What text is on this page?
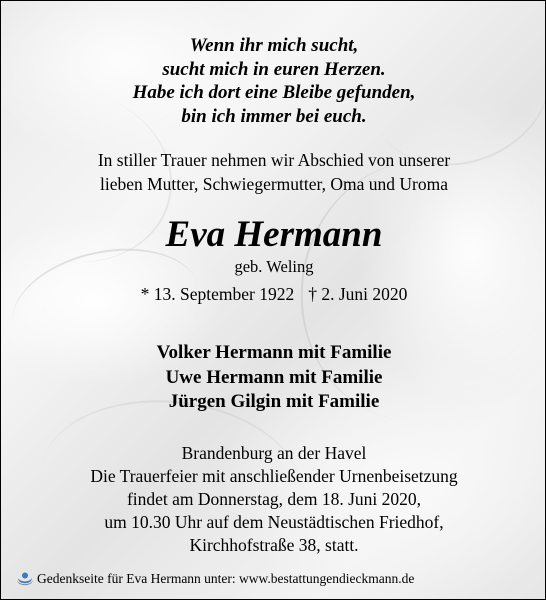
Wenn ihr mich sucht,
sucht mich in euren Herzen.
Habe ich dort eine Bleibe gefunden,
bin ich immer bei euch.
In stiller Trauer nehmen wir Abschied von unserer
lieben Mutter, Schwiegermutter, Oma und Uroma
Eva Hermann
geb. Weling
* 13. September 1922 † 2. Juni 2020
Volker Hermann mit Familie
Uwe Hermann mit Familie
Jürgen Gilgin mit Familie
Brandenburg an der Havel
Die Trauerfeier mit anschließender Urnenbeisetzung
findet am Donnerstag, dem 18. Juni 2020,
um 10.30 Uhr auf dem Neustädtischen Friedhof,
Kirchhofstraße 38, statt.
Gedenkseite für Eva Hermann unter: www.bestattungendieckmann.de
